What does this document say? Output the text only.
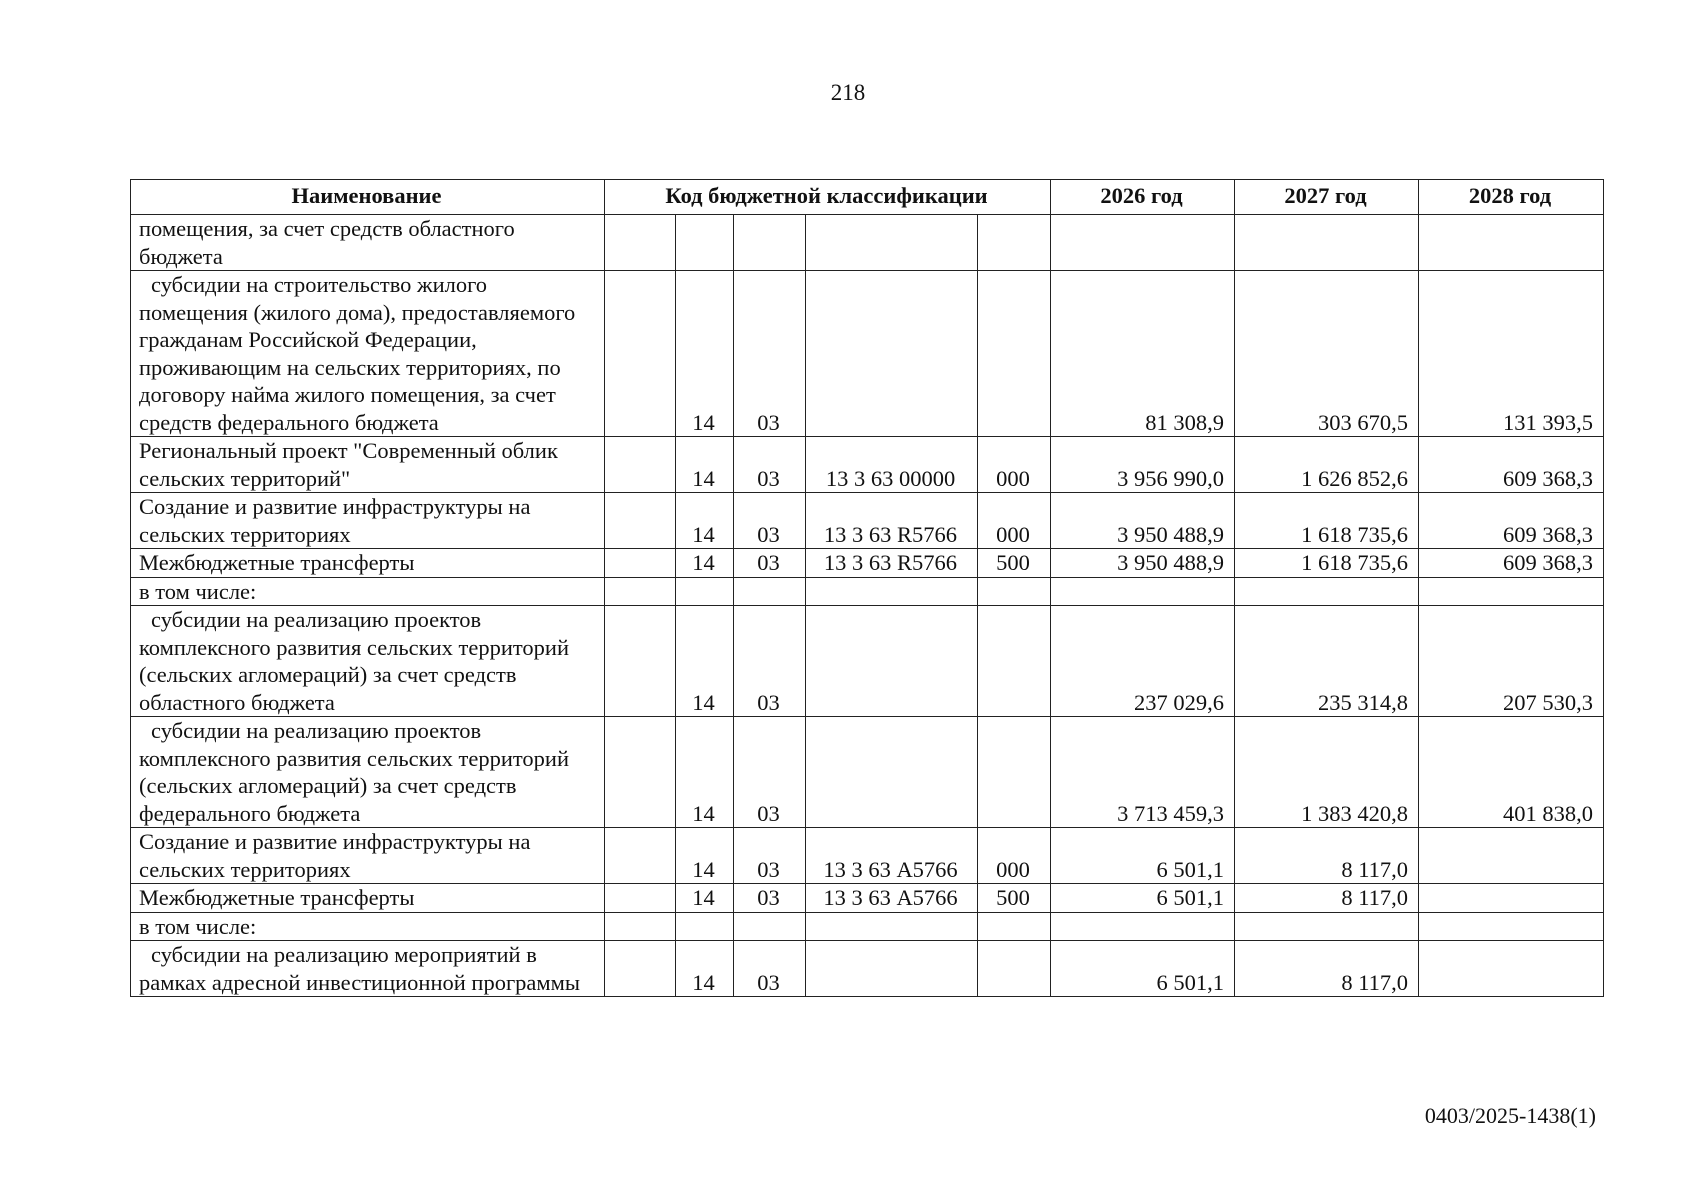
218
Наименование	Код бюджетной классификации					2026 год	2027 год	2028 год
помещения, за счет средств областного бюджета								
субсидии на строительство жилого помещения (жилого дома), предоставляемого гражданам Российской Федерации, проживающим на сельских территориях, по договору найма жилого помещения, за счет средств федерального бюджета		14	03			81 308,9	303 670,5	131 393,5
Региональный проект "Современный облик сельских территорий"		14	03	13 3 63 00000	000	3 956 990,0	1 626 852,6	609 368,3
Создание и развитие инфраструктуры на сельских территориях		14	03	13 3 63 R5766	000	3 950 488,9	1 618 735,6	609 368,3
Межбюджетные трансферты		14	03	13 3 63 R5766	500	3 950 488,9	1 618 735,6	609 368,3
в том числе:								
субсидии на реализацию проектов комплексного развития сельских территорий (сельских агломераций) за счет средств областного бюджета		14	03			237 029,6	235 314,8	207 530,3
субсидии на реализацию проектов комплексного развития сельских территорий (сельских агломераций) за счет средств федерального бюджета		14	03			3 713 459,3	1 383 420,8	401 838,0
Создание и развитие инфраструктуры на сельских территориях		14	03	13 3 63 А5766	000	6 501,1	8 117,0	
Межбюджетные трансферты		14	03	13 3 63 А5766	500	6 501,1	8 117,0	
в том числе:								
субсидии на реализацию мероприятий в рамках адресной инвестиционной программы		14	03			6 501,1	8 117,0	
0403/2025-1438(1)
